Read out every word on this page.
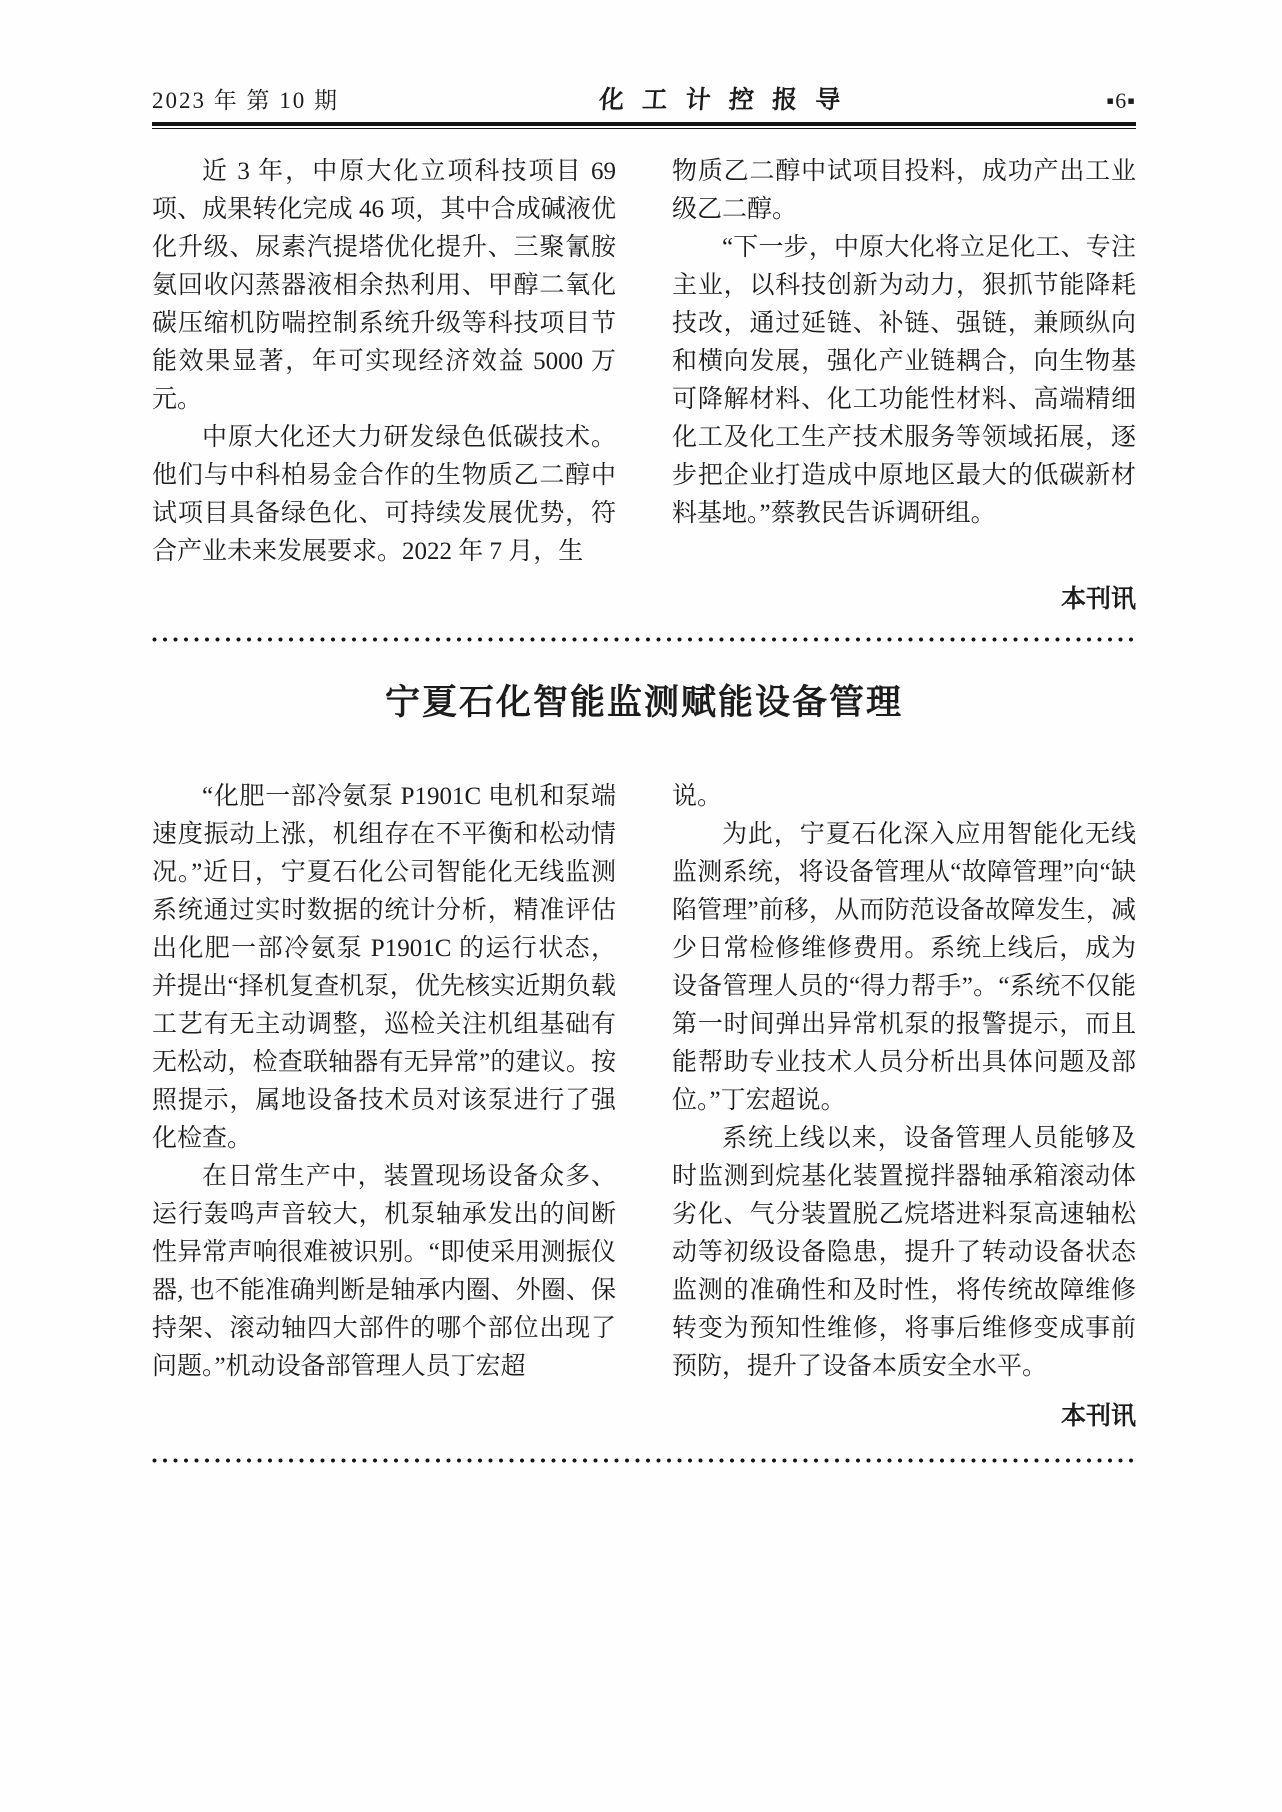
2023 年 第 10 期	化 工 计 控 报 导	▪6▪

近 3 年，中原大化立项科技项目 69 项、成果转化完成 46 项，其中合成碱液优化升级、尿素汽提塔优化提升、三聚氰胺氨回收闪蒸器液相余热利用、甲醇二氧化碳压缩机防喘控制系统升级等科技项目节能效果显著，年可实现经济效益 5000 万元。

中原大化还大力研发绿色低碳技术。他们与中科柏易金合作的生物质乙二醇中试项目具备绿色化、可持续发展优势，符合产业未来发展要求。2022 年 7 月，生

物质乙二醇中试项目投料，成功产出工业级乙二醇。

“下一步，中原大化将立足化工、专注主业，以科技创新为动力，狠抓节能降耗技改，通过延链、补链、强链，兼顾纵向和横向发展，强化产业链耦合，向生物基可降解材料、化工功能性材料、高端精细化工及化工生产技术服务等领域拓展，逐步把企业打造成中原地区最大的低碳新材料基地。”蔡教民告诉调研组。

本刊讯
宁夏石化智能监测赋能设备管理

“化肥一部冷氨泵 P1901C 电机和泵端速度振动上涨，机组存在不平衡和松动情况。”近日，宁夏石化公司智能化无线监测系统通过实时数据的统计分析，精准评估出化肥一部冷氨泵 P1901C 的运行状态，并提出“择机复查机泵，优先核实近期负载工艺有无主动调整，巡检关注机组基础有无松动，检查联轴器有无异常”的建议。按照提示，属地设备技术员对该泵进行了强化检查。

在日常生产中，装置现场设备众多、运行轰鸣声音较大，机泵轴承发出的间断性异常声响很难被识别。“即使采用测振仪器, 也不能准确判断是轴承内圈、外圈、保持架、滚动轴四大部件的哪个部位出现了问题。”机动设备部管理人员丁宏超

说。

为此，宁夏石化深入应用智能化无线监测系统，将设备管理从“故障管理”向“缺陷管理”前移，从而防范设备故障发生，减少日常检修维修费用。系统上线后，成为设备管理人员的“得力帮手”。“系统不仅能第一时间弹出异常机泵的报警提示，而且能帮助专业技术人员分析出具体问题及部位。”丁宏超说。

系统上线以来，设备管理人员能够及时监测到烷基化装置搅拌器轴承箱滚动体劣化、气分装置脱乙烷塔进料泵高速轴松动等初级设备隐患，提升了转动设备状态监测的准确性和及时性，将传统故障维修转变为预知性维修，将事后维修变成事前预防，提升了设备本质安全水平。

本刊讯
